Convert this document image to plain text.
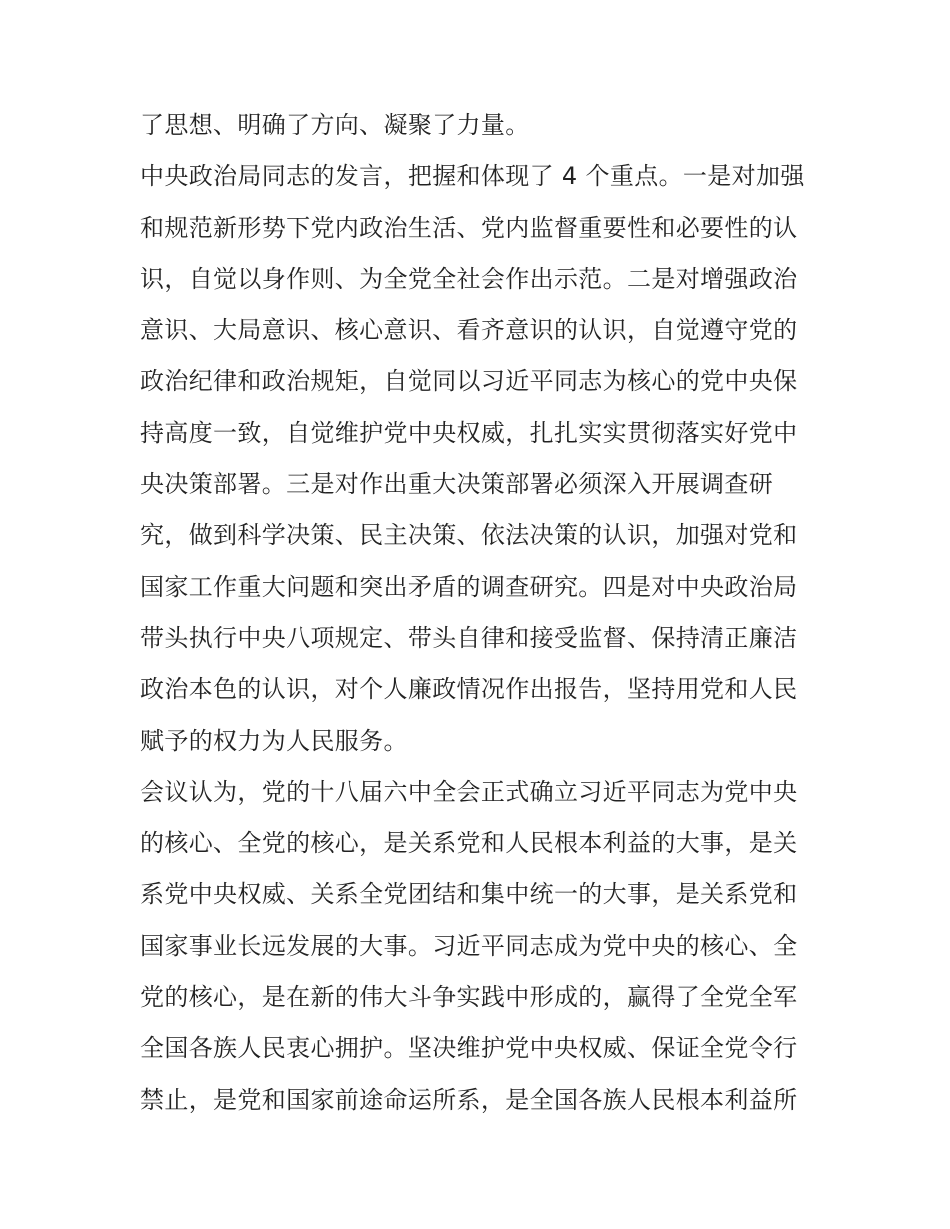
了思想、明确了方向、凝聚了力量。
中央政治局同志的发言，把握和体现了 4 个重点。一是对加强
和规范新形势下党内政治生活、党内监督重要性和必要性的认
识，自觉以身作则、为全党全社会作出示范。二是对增强政治
意识、大局意识、核心意识、看齐意识的认识，自觉遵守党的
政治纪律和政治规矩，自觉同以习近平同志为核心的党中央保
持高度一致，自觉维护党中央权威，扎扎实实贯彻落实好党中
央决策部署。三是对作出重大决策部署必须深入开展调查研
究，做到科学决策、民主决策、依法决策的认识，加强对党和
国家工作重大问题和突出矛盾的调查研究。四是对中央政治局
带头执行中央八项规定、带头自律和接受监督、保持清正廉洁
政治本色的认识，对个人廉政情况作出报告，坚持用党和人民
赋予的权力为人民服务。
会议认为，党的十八届六中全会正式确立习近平同志为党中央
的核心、全党的核心，是关系党和人民根本利益的大事，是关
系党中央权威、关系全党团结和集中统一的大事，是关系党和
国家事业长远发展的大事。习近平同志成为党中央的核心、全
党的核心，是在新的伟大斗争实践中形成的，赢得了全党全军
全国各族人民衷心拥护。坚决维护党中央权威、保证全党令行
禁止，是党和国家前途命运所系，是全国各族人民根本利益所
